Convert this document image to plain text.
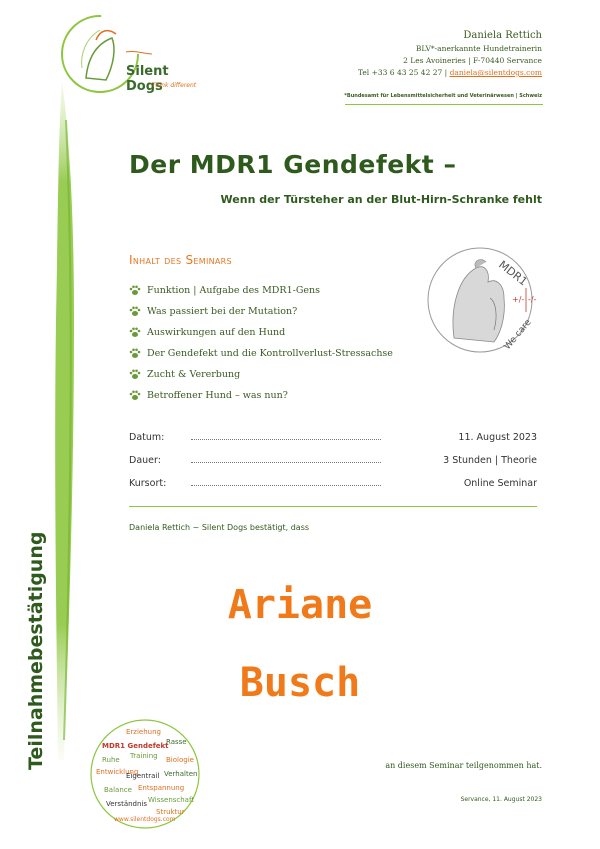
Silent Dogs
Think different
Daniela Rettich
BLV*-anerkannte Hundetrainerin
2 Les Avoineries | F-70440 Servance
Tel +33 6 43 25 42 27 | daniela@silentdogs.com
*Bundesamt für Lebensmittelsicherheit und Veterinärwesen | Schweiz
Der MDR1 Gendefekt –
Wenn der Türsteher an der Blut-Hirn-Schranke fehlt
Inhalt des Seminars
Funktion | Aufgabe des MDR1-Gens
Was passiert bei der Mutation?
Auswirkungen auf den Hund
Der Gendefekt und die Kontrollverlust-Stressachse
Zucht & Vererbung
Betroffener Hund – was nun?
MDR1
+/- -/-
We care
Datum:	11. August 2023
Dauer:	3 Stunden | Theorie
Kursort:	Online Seminar
Daniela Rettich ~ Silent Dogs bestätigt, dass
Ariane
Busch
Teilnahmebestätigung	an diesem Seminar teilgenommen hat.
Servance, 11. August 2023
Erziehung
Rasse
MDR1 Gendefekt
Ruhe Training Biologie
Entwicklung
Eigentrail Verhalten
Balance Entspannung
Verständnis Wissenschaft
Struktur
www.silentdogs.com
